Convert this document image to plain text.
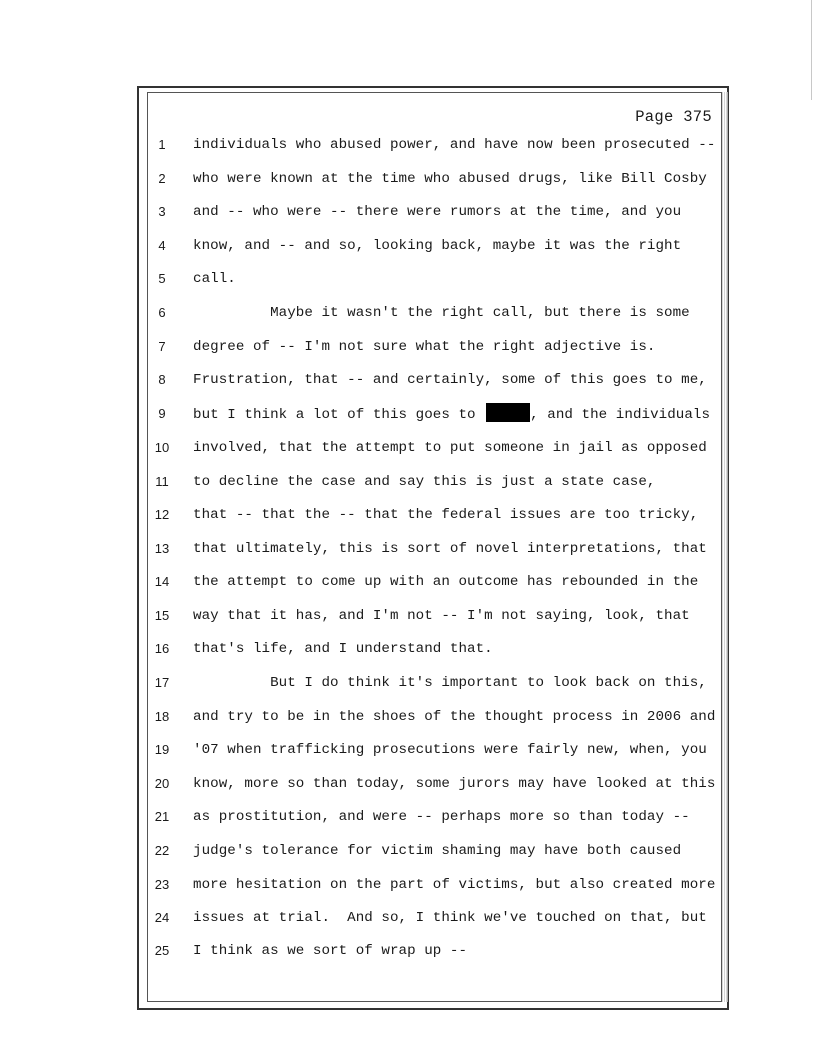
Page 375
1	individuals who abused power, and have now been prosecuted --
2	who were known at the time who abused drugs, like Bill Cosby
3	and -- who were -- there were rumors at the time, and you
4	know, and -- and so, looking back, maybe it was the right
5	call.
6	Maybe it wasn't the right call, but there is some
7	degree of -- I'm not sure what the right adjective is.
8	Frustration, that -- and certainly, some of this goes to me,
9	but I think a lot of this goes to	, and the individuals
10 involved, that the attempt to put someone in jail as opposed
11 to decline the case and say this is just a state case,
12 that -- that the -- that the federal issues are too tricky,
13 that ultimately, this is sort of novel interpretations, that
14 the attempt to come up with an outcome has rebounded in the
15 way that it has, and I'm not -- I'm not saying, look, that
16 that's life, and I understand that.
17 But I do think it's important to look back on this,
18 and try to be in the shoes of the thought process in 2006 and
19 '07 when trafficking prosecutions were fairly new, when, you
20 know, more so than today, some jurors may have looked at this
21 as prostitution, and were -- perhaps more so than today --
22 judge's tolerance for victim shaming may have both caused
23 more hesitation on the part of victims, but also created more
24 issues at trial.  And so, I think we've touched on that, but
25 I think as we sort of wrap up --
